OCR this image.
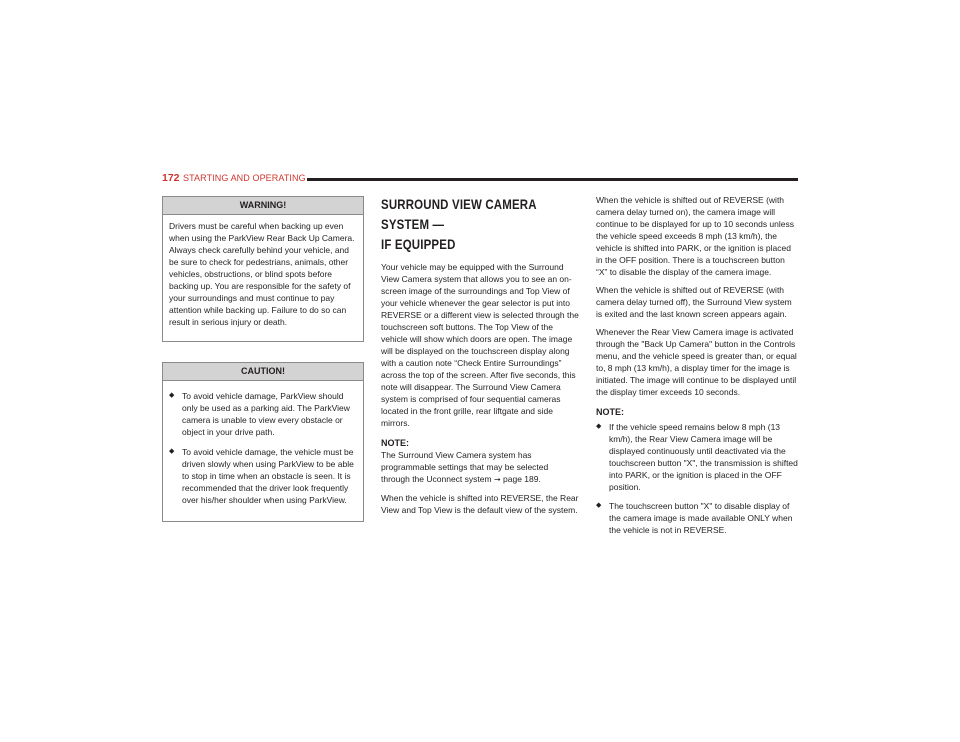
172 STARTING AND OPERATING
WARNING!

Drivers must be careful when backing up even when using the ParkView Rear Back Up Camera. Always check carefully behind your vehicle, and be sure to check for pedestrians, animals, other vehicles, obstructions, or blind spots before backing up. You are responsible for the safety of your surroundings and must continue to pay attention while backing up. Failure to do so can result in serious injury or death.

CAUTION!
◆ To avoid vehicle damage, ParkView should only be used as a parking aid. The ParkView camera is unable to view every obstacle or object in your drive path.
◆ To avoid vehicle damage, the vehicle must be driven slowly when using ParkView to be able to stop in time when an obstacle is seen. It is recommended that the driver look frequently over his/her shoulder when using ParkView.
SURROUND VIEW CAMERA SYSTEM —
IF EQUIPPED

Your vehicle may be equipped with the Surround View Camera system that allows you to see an on-screen image of the surroundings and Top View of your vehicle whenever the gear selector is put into REVERSE or a different view is selected through the touchscreen soft buttons. The Top View of the vehicle will show which doors are open. The image will be displayed on the touchscreen display along with a caution note “Check Entire Surroundings” across the top of the screen. After five seconds, this note will disappear. The Surround View Camera system is comprised of four sequential cameras located in the front grille, rear liftgate and side mirrors.

NOTE:

The Surround View Camera system has programmable settings that may be selected through the Uconnect system ➞ page 189.

When the vehicle is shifted into REVERSE, the Rear View and Top View is the default view of the system.

When the vehicle is shifted out of REVERSE (with camera delay turned on), the camera image will continue to be displayed for up to 10 seconds unless the vehicle speed exceeds 8 mph (13 km/h), the vehicle is shifted into PARK, or the ignition is placed in the OFF position. There is a touchscreen button “X” to disable the display of the camera image.

When the vehicle is shifted out of REVERSE (with camera delay turned off), the Surround View system is exited and the last known screen appears again.

Whenever the Rear View Camera image is activated through the "Back Up Camera" button in the Controls menu, and the vehicle speed is greater than, or equal to, 8 mph (13 km/h), a display timer for the image is initiated. The image will continue to be displayed until the display timer exceeds 10 seconds.

NOTE:
◆ If the vehicle speed remains below 8 mph (13 km/h), the Rear View Camera image will be displayed continuously until deactivated via the touchscreen button "X", the transmission is shifted into PARK, or the ignition is placed in the OFF position.
◆ The touchscreen button "X" to disable display of the camera image is made available ONLY when the vehicle is not in REVERSE.
